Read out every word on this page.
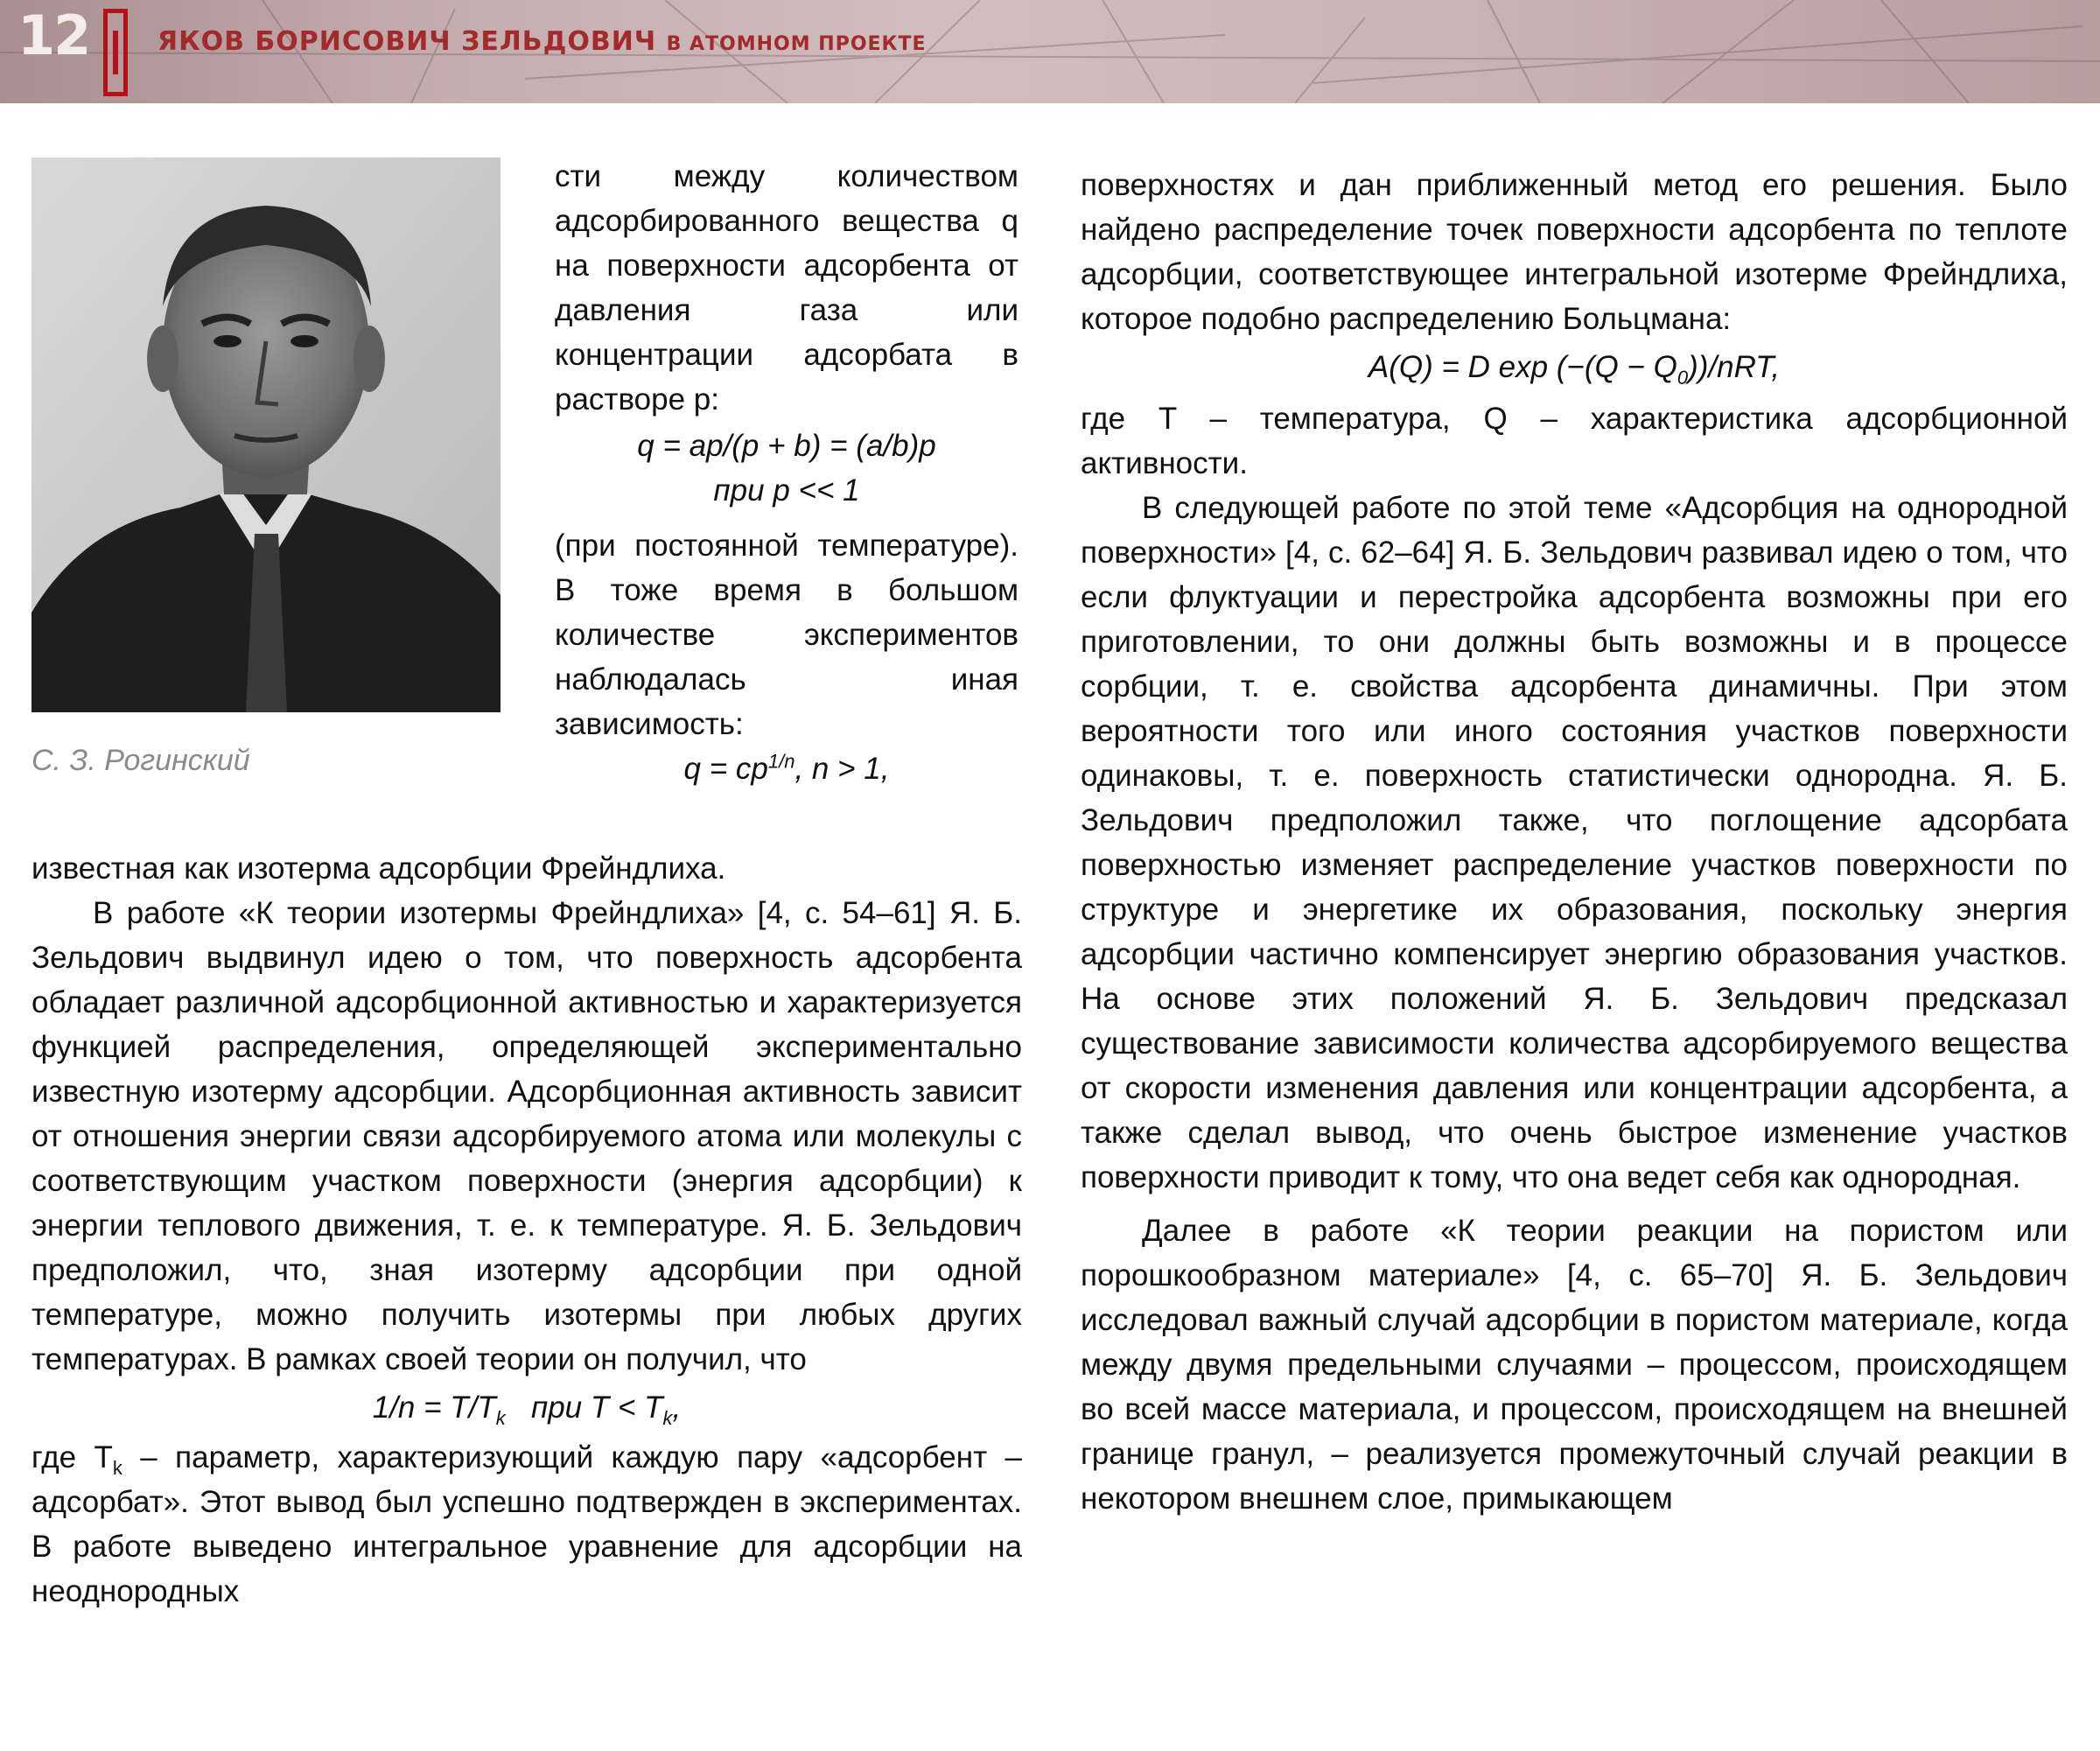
12	ЯКОВ БОРИСОВИЧ ЗЕЛЬДОВИЧ В АТОМНОМ ПРОЕКТЕ
С. З. Рогинский

сти между количеством адсорбированного вещества q на поверхности адсорбента от давления газа или концентрации адсорбата в растворе p:

q = ap/(p + b) = (a/b)p
при p << 1

(при постоянной температуре). В тоже время в большом количестве экспериментов наблюдалась иная зависимость:

$q = cp^{1/n}$, n > 1,

известная как изотерма адсорбции Фрейндлиха.

В работе «К теории изотермы Фрейндлиха» [4, с. 54–61] Я. Б. Зельдович выдвинул идею о том, что поверхность адсорбента обладает различной адсорбционной активностью и характеризуется функцией распределения, определяющей экспериментально известную изотерму адсорбции. Адсорбционная активность зависит от отношения энергии связи адсорбируемого атома или молекулы с соответствующим участком поверхности (энергия адсорбции) к энергии теплового движения, т. е. к температуре. Я. Б. Зельдович предположил, что, зная изотерму адсорбции при одной температуре, можно получить изотермы при любых других температурах. В рамках своей теории он получил, что

$1/n = T/T_k$ при $T < T_k$,

где $T_k$ – параметр, характеризующий каждую пару «адсорбент – адсорбат». Этот вывод был успешно подтвержден в экспериментах. В работе выведено интегральное уравнение для адсорбции на неоднородных

поверхностях и дан приближенный метод его решения. Было найдено распределение точек поверхности адсорбента по теплоте адсорбции, соответствующее интегральной изотерме Фрейндлиха, которое подобно распределению Больцмана:

A(Q) = D $\exp (-(Q - Q_0))$/nRT,

где T – температура, Q – характеристика адсорбционной активности.

В следующей работе по этой теме «Адсорбция на однородной поверхности» [4, с. 62–64] Я. Б. Зельдович развивал идею о том, что если флуктуации и перестройка адсорбента возможны при его приготовлении, то они должны быть возможны и в процессе сорбции, т. е. свойства адсорбента динамичны. При этом вероятности того или иного состояния участков поверхности одинаковы, т. е. поверхность статистически однородна. Я. Б. Зельдович предположил также, что поглощение адсорбата поверхностью изменяет распределение участков поверхности по структуре и энергетике их образования, поскольку энергия адсорбции частично компенсирует энергию образования участков. На основе этих положений Я. Б. Зельдович предсказал существование зависимости количества адсорбируемого вещества от скорости изменения давления или концентрации адсорбента, а также сделал вывод, что очень быстрое изменение участков поверхности приводит к тому, что она ведет себя как однородная.

Далее в работе «К теории реакции на пористом или порошкообразном материале» [4, с. 65–70] Я. Б. Зельдович исследовал важный случай адсорбции в пористом материале, когда между двумя предельными случаями – процессом, происходящем во всей массе материала, и процессом, происходящем на внешней границе гранул, – реализуется промежуточный случай реакции в некотором внешнем слое, примыкающем
